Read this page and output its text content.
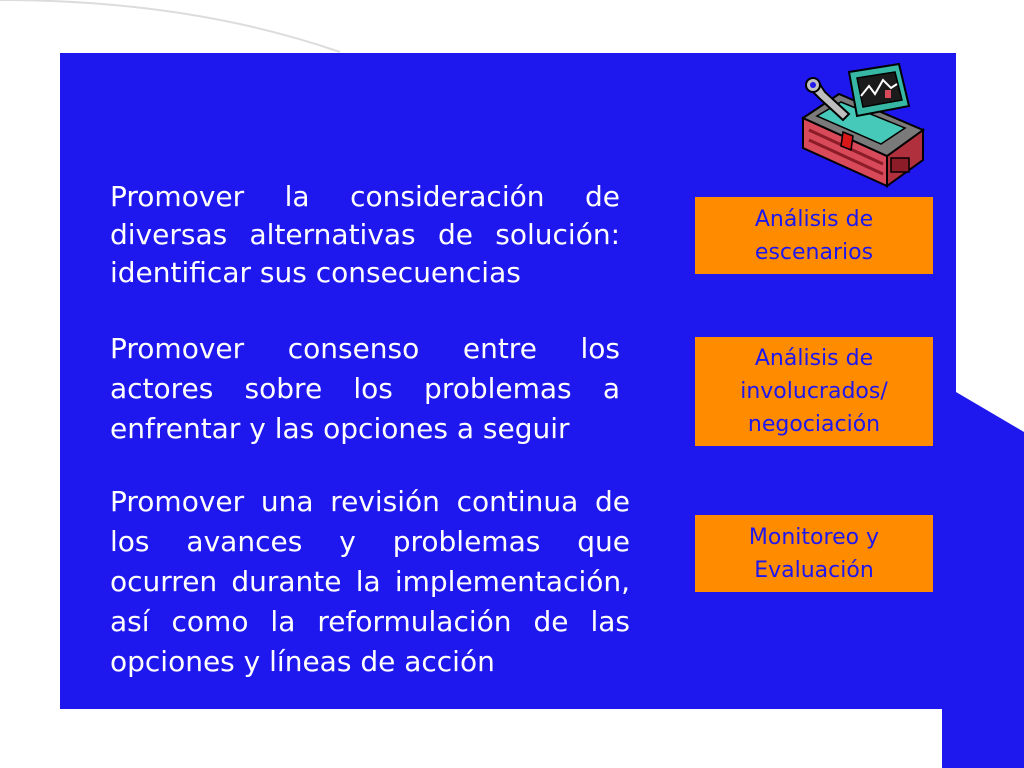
Promover la consideración de diversas alternativas de solución: identificar sus consecuencias

Promover consenso entre los actores sobre los problemas a enfrentar y las opciones a seguir

Promover una revisión continua de los avances y problemas que ocurren durante la implementación, así como la reformulación de las opciones y líneas de acción

Análisis de escenarios
Análisis de involucrados/ negociación
Monitoreo y Evaluación
